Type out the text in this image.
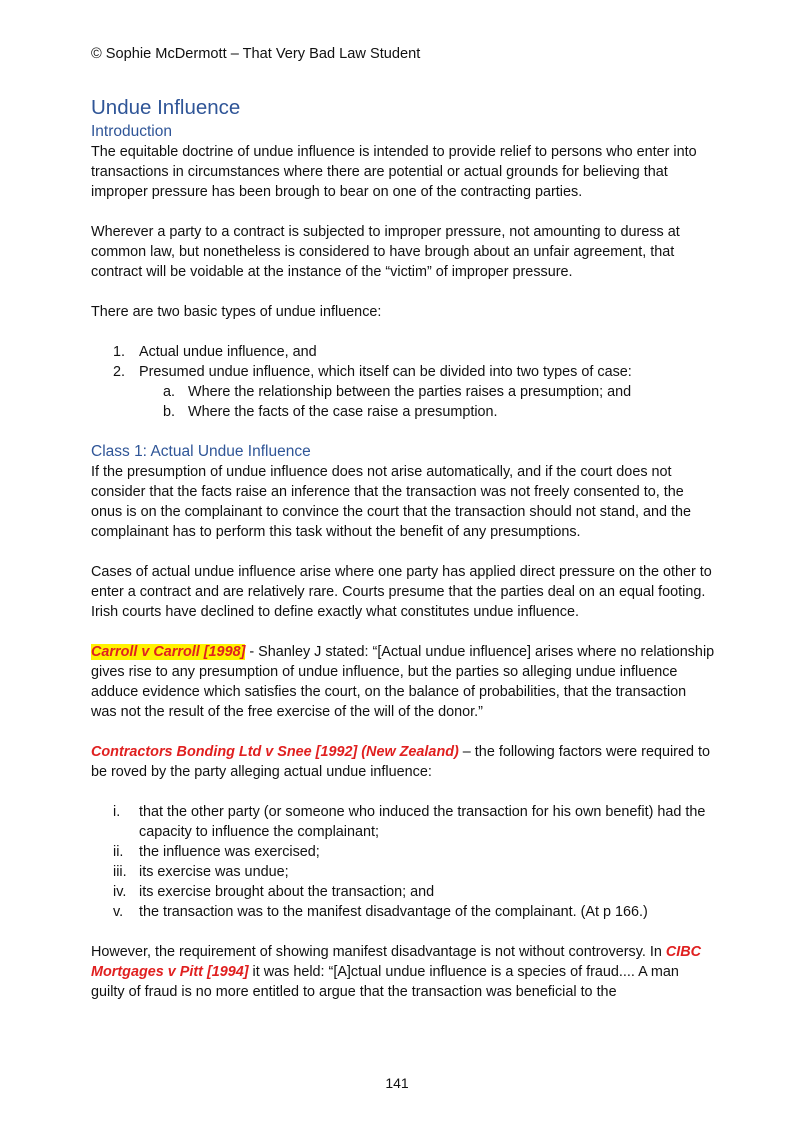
© Sophie McDermott – That Very Bad Law Student
Undue Influence
Introduction

The equitable doctrine of undue influence is intended to provide relief to persons who enter into transactions in circumstances where there are potential or actual grounds for believing that improper pressure has been brough to bear on one of the contracting parties.

Wherever a party to a contract is subjected to improper pressure, not amounting to duress at common law, but nonetheless is considered to have brough about an unfair agreement, that contract will be voidable at the instance of the “victim” of improper pressure.

There are two basic types of undue influence:

1. Actual undue influence, and
2. Presumed undue influence, which itself can be divided into two types of case:
a. Where the relationship between the parties raises a presumption; and
b. Where the facts of the case raise a presumption.
Class 1: Actual Undue Influence

If the presumption of undue influence does not arise automatically, and if the court does not consider that the facts raise an inference that the transaction was not freely consented to, the onus is on the complainant to convince the court that the transaction should not stand, and the complainant has to perform this task without the benefit of any presumptions.

Cases of actual undue influence arise where one party has applied direct pressure on the other to enter a contract and are relatively rare. Courts presume that the parties deal on an equal footing. Irish courts have declined to define exactly what constitutes undue influence.

Carroll v Carroll [1998] - Shanley J stated: “[Actual undue influence] arises where no relationship gives rise to any presumption of undue influence, but the parties so alleging undue influence adduce evidence which satisfies the court, on the balance of probabilities, that the transaction was not the result of the free exercise of the will of the donor.”

Contractors Bonding Ltd v Snee [1992] (New Zealand) – the following factors were required to be roved by the party alleging actual undue influence:

i.	that the other party (or someone who induced the transaction for his own benefit) had the capacity to influence the complainant;
ii.	the influence was exercised;
iii. its exercise was undue;
iv. its exercise brought about the transaction; and
v.	the transaction was to the manifest disadvantage of the complainant. (At p 166.)

However, the requirement of showing manifest disadvantage is not without controversy. In CIBC Mortgages v Pitt [1994] it was held: “[A]ctual undue influence is a species of fraud.... A man guilty of fraud is no more entitled to argue that the transaction was beneficial to the

141
